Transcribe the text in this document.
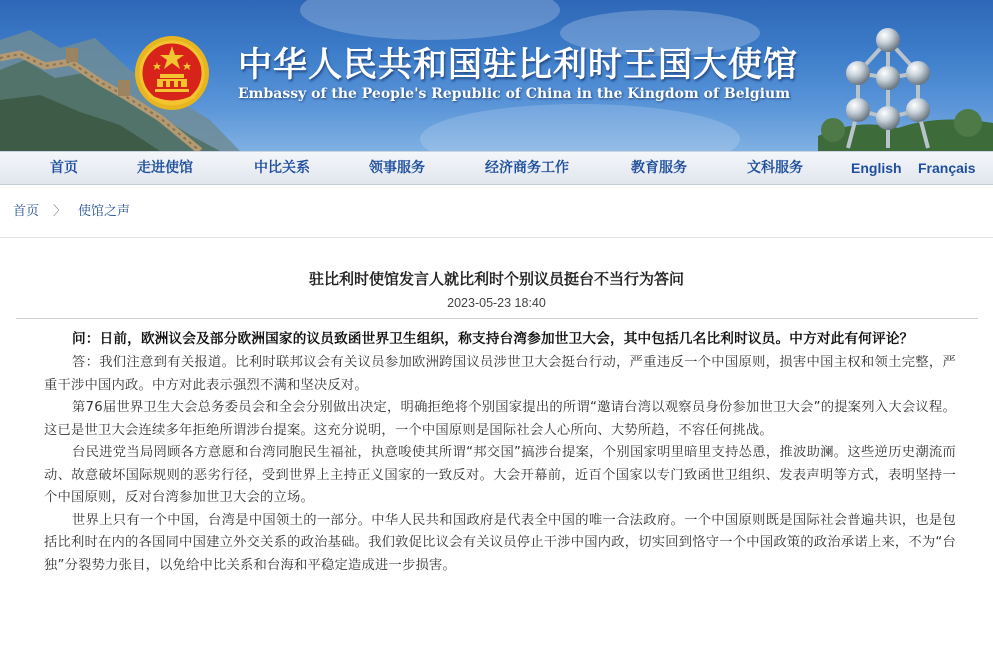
中华人民共和国驻比利时王国大使馆
Embassy of the People's Republic of China in the Kingdom of Belgium
首页	走进使馆	中比关系	领事服务	经济商务工作	教育服务	文科服务	English Français
首页 〉 使馆之声
驻比利时使馆发言人就比利时个别议员挺台不当行为答问
2023-05-23 18:40

问：日前，欧洲议会及部分欧洲国家的议员致函世界卫生组织，称支持台湾参加世卫大会，其中包括几名比利时议员。中方对此有何评论？

答：我们注意到有关报道。比利时联邦议会有关议员参加欧洲跨国议员涉世卫大会挺台行动，严重违反一个中国原则，损害中国主权和领土完整，严重干涉中国内政。中方对此表示强烈不满和坚决反对。

第76届世界卫生大会总务委员会和全会分别做出决定，明确拒绝将个别国家提出的所谓“邀请台湾以观察员身份参加世卫大会”的提案列入大会议程。这已是世卫大会连续多年拒绝所谓涉台提案。这充分说明，一个中国原则是国际社会人心所向、大势所趋，不容任何挑战。

台民进党当局罔顾各方意愿和台湾同胞民生福祉，执意唆使其所谓“邦交国”搞涉台提案，个别国家明里暗里支持怂恿，推波助澜。这些逆历史潮流而动、故意破坏国际规则的恶劣行径，受到世界上主持正义国家的一致反对。大会开幕前，近百个国家以专门致函世卫组织、发表声明等方式，表明坚持一个中国原则，反对台湾参加世卫大会的立场。

世界上只有一个中国，台湾是中国领土的一部分。中华人民共和国政府是代表全中国的唯一合法政府。一个中国原则既是国际社会普遍共识，也是包括比利时在内的各国同中国建立外交关系的政治基础。我们敦促比议会有关议员停止干涉中国内政，切实回到恪守一个中国政策的政治承诺上来，不为“台独”分裂势力张目，以免给中比关系和台海和平稳定造成进一步损害。
